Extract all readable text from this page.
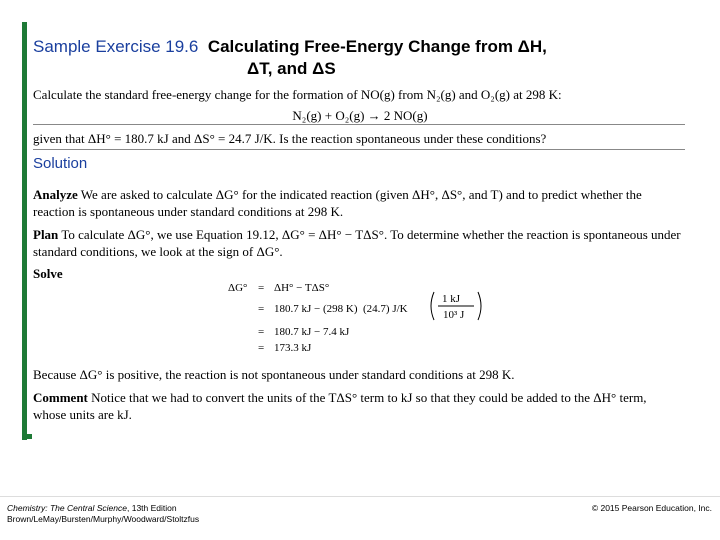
Sample Exercise 19.6 Calculating Free-Energy Change from ΔH,
ΔT, and ΔS
Calculate the standard free-energy change for the formation of NO(g) from N₂(g) and O₂(g) at 298 K:
N₂(g) + O₂(g) → 2 NO(g)
given that ΔH° = 180.7 kJ and ΔS° = 24.7 J/K. Is the reaction spontaneous under these conditions?
Solution
Analyze We are asked to calculate ΔG° for the indicated reaction (given ΔH°, ΔS°, and T) and to predict whether the reaction is spontaneous under standard conditions at 298 K.
Plan To calculate ΔG°, we use Equation 19.12, ΔG° = ΔH° − TΔS°. To determine whether the reaction is spontaneous under standard conditions, we look at the sign of ΔG°.
Solve
ΔG° = ΔH° − TΔS°
= 180.7 kJ − (298 K) (24.7) J/K
1 kJ
10³ J
= 180.7 kJ − 7.4 kJ
= 173.3 kJ
Because ΔG° is positive, the reaction is not spontaneous under standard conditions at 298 K.
Comment Notice that we had to convert the units of the TΔS° term to kJ so that they could be added to the ΔH° term, whose units are kJ.
Chemistry: The Central Science, 13th Edition
Brown/LeMay/Bursten/Murphy/Woodward/Stoltzfus
© 2015 Pearson Education, Inc.
